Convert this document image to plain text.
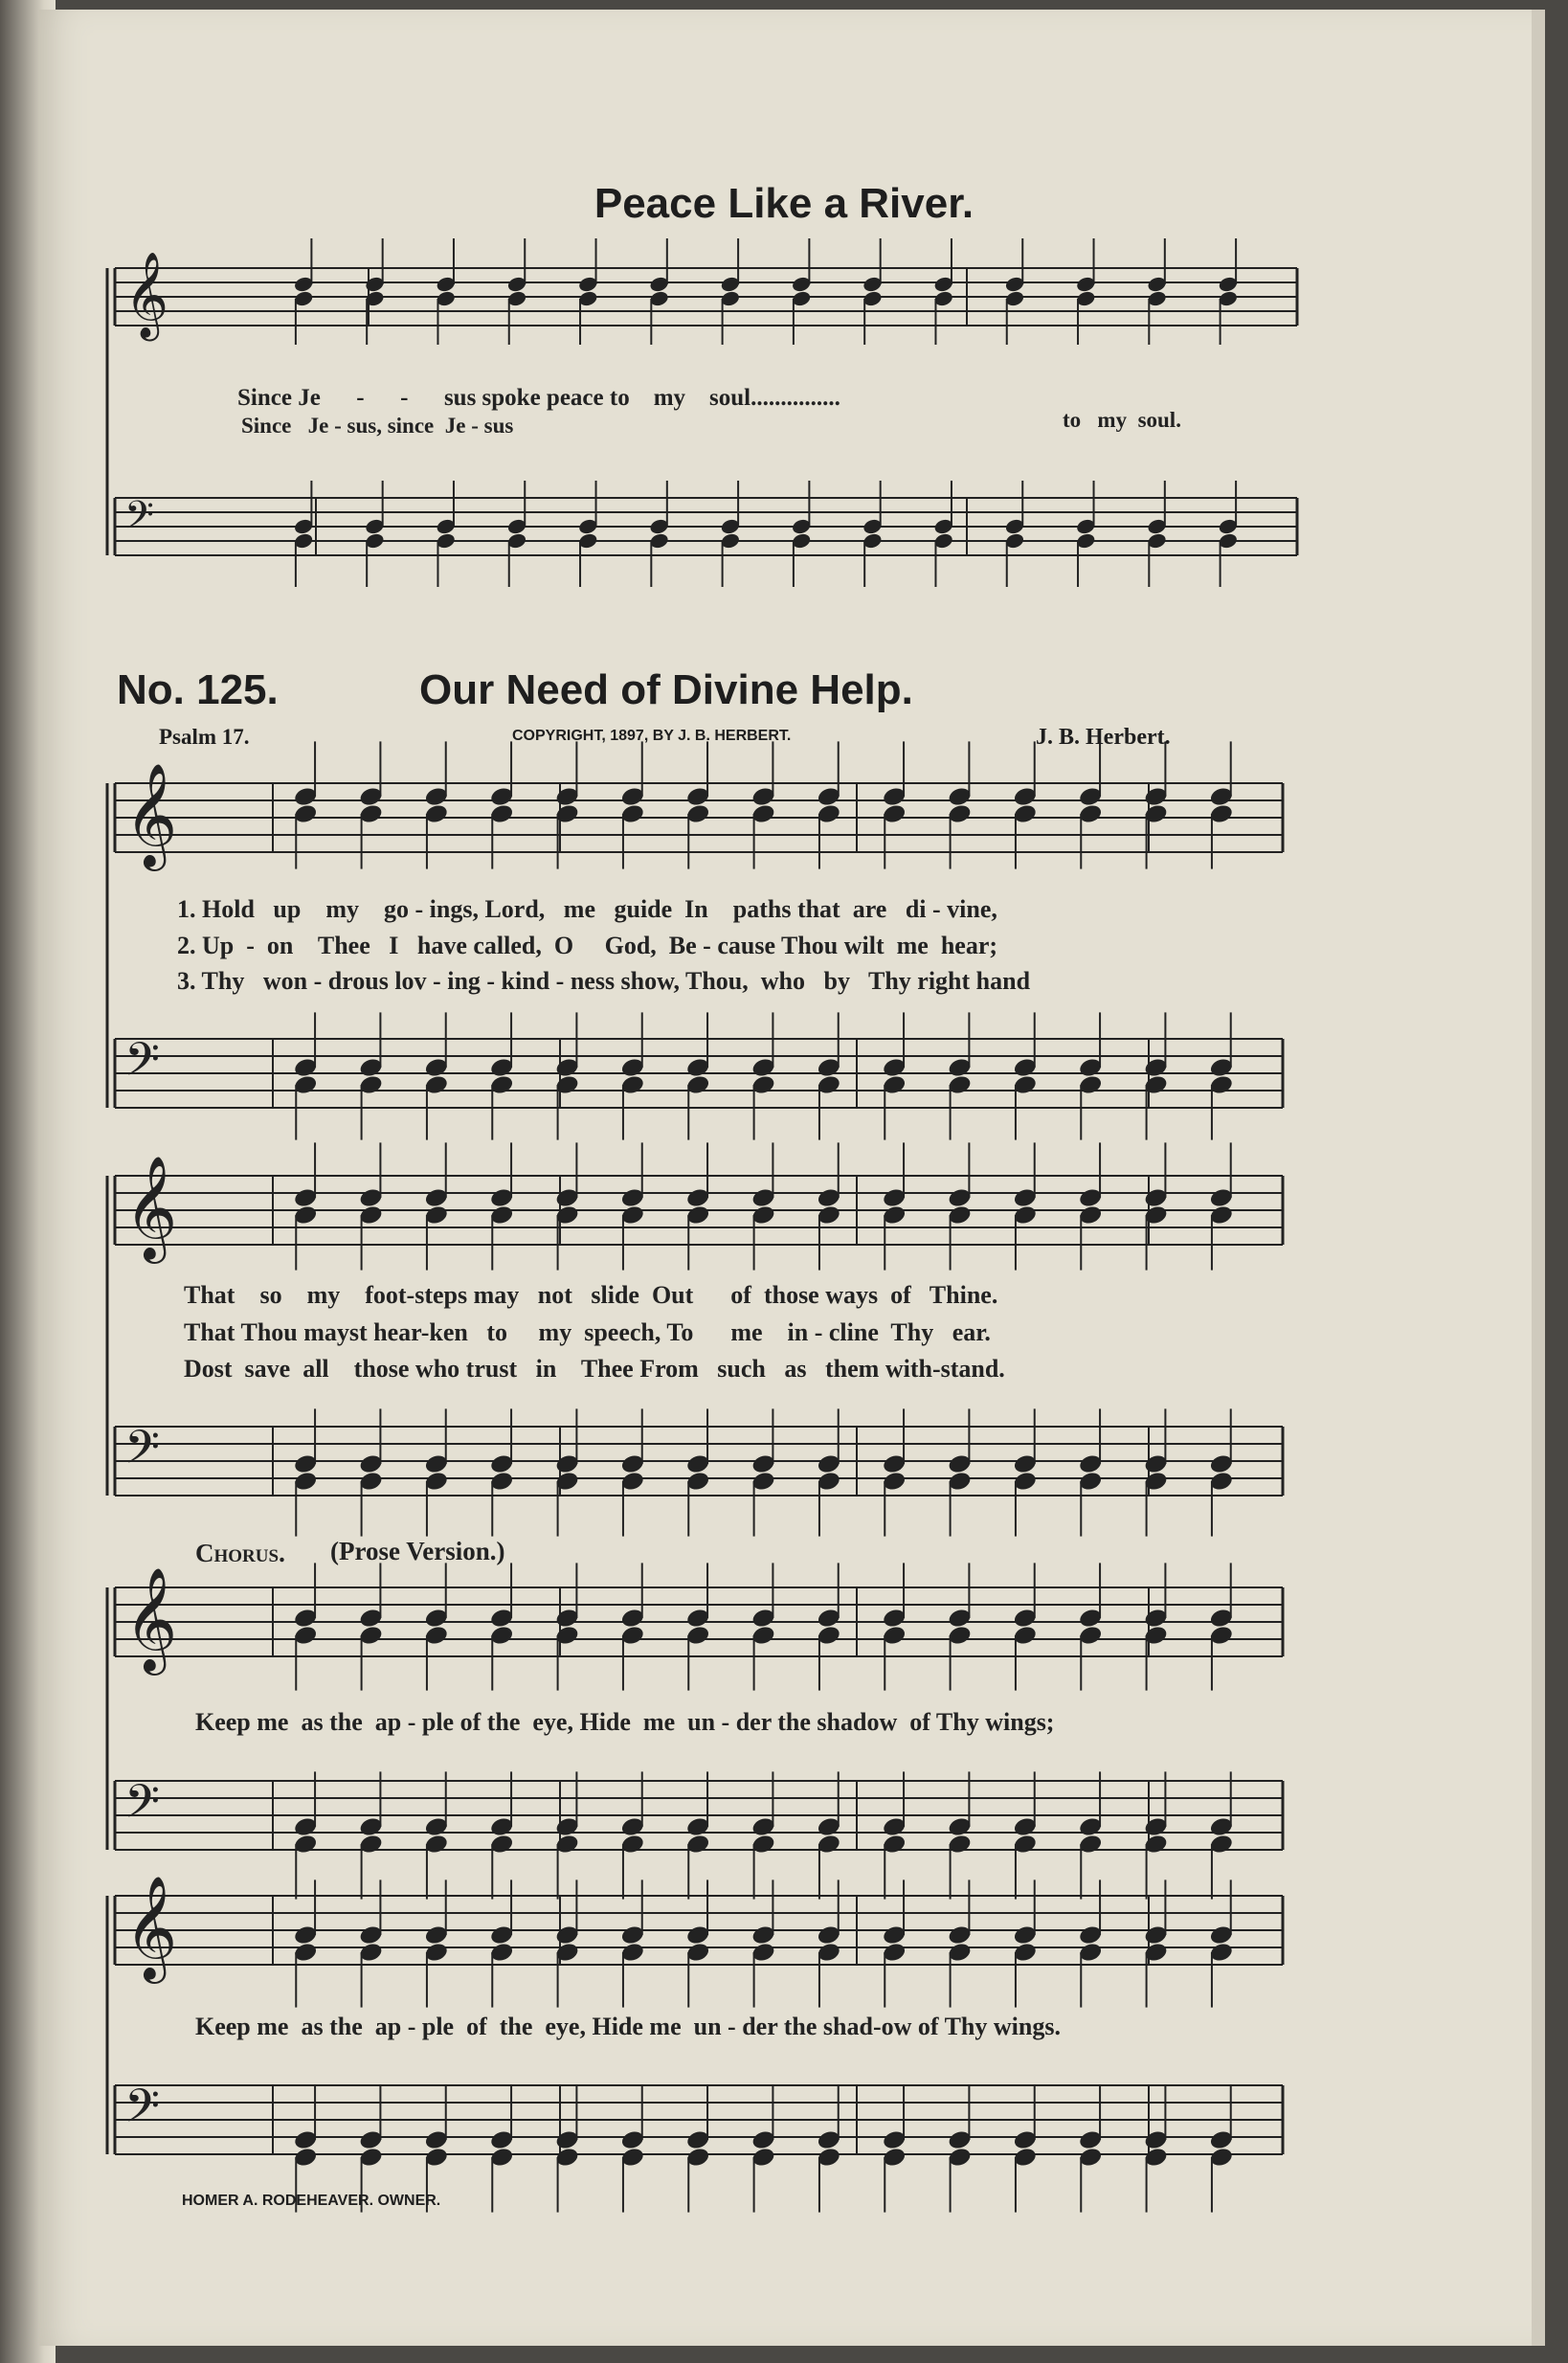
Peace Like a River.
𝄞
𝄢
𝄞
𝄢
𝄞
𝄢
𝄞
𝄢
𝄞
𝄢
Since Je      -      -      sus spoke peace to    my    soul...............
Since   Je - sus, since  Je - sus	to   my  soul.
No. 125.	Our Need of Divine Help.
Psalm 17.	COPYRIGHT, 1897, BY J. B. HERBERT.	J. B. Herbert.
1. Hold   up    my    go - ings, Lord,   me   guide  In    paths that  are   di - vine,
2. Up  -  on    Thee   I   have called,  O     God,  Be - cause Thou wilt  me  hear;
3. Thy   won - drous lov - ing - kind - ness show, Thou,  who   by   Thy right hand
That    so    my    foot-steps may   not   slide  Out      of  those ways  of   Thine.
That Thou mayst hear-ken   to     my  speech, To      me    in - cline  Thy   ear.
Dost  save  all    those who trust   in    Thee From   such   as   them with-stand.
Chorus.	(Prose Version.)
Keep me  as the  ap - ple of the  eye, Hide  me  un - der the shadow  of Thy wings;
Keep me  as the  ap - ple  of  the  eye, Hide me  un - der the shad-ow of Thy wings.
HOMER A. RODEHEAVER. OWNER.
